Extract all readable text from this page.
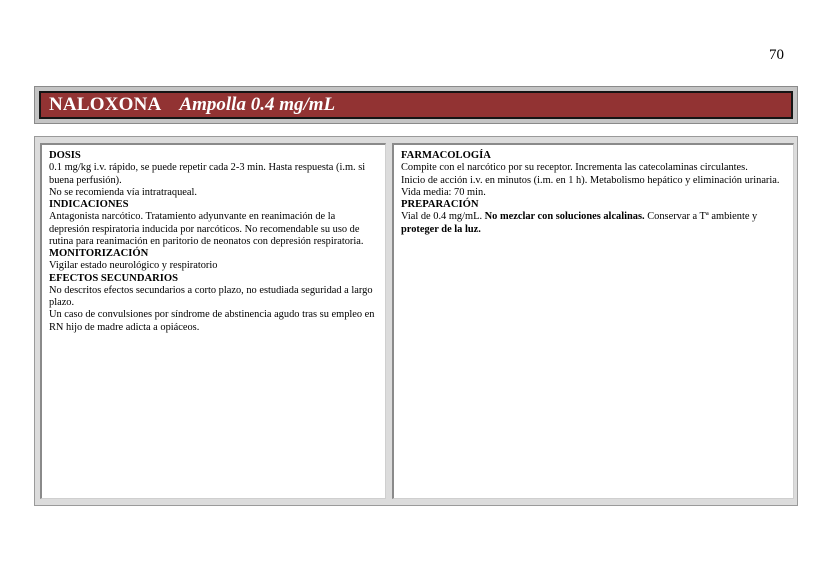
70
NALOXONA Ampolla 0.4 mg/mL
DOSIS

0.1 mg/kg i.v. rápido, se puede repetir cada 2-3 min. Hasta respuesta (i.m. si buena perfusión).

No se recomienda vía intratraqueal.

INDICACIONES

Antagonista narcótico. Tratamiento adyunvante en reanimación de la depresión respiratoria inducida por narcóticos. No recomendable su uso de rutina para reanimación en paritorio de neonatos con depresión respiratoria.

MONITORIZACIÓN

Vigilar estado neurológico y respiratorio

EFECTOS SECUNDARIOS

No descritos efectos secundarios a corto plazo, no estudiada seguridad a largo plazo.

Un caso de convulsiones por síndrome de abstinencia agudo tras su empleo en RN hijo de madre adicta a opiáceos.

FARMACOLOGÍA

Compite con el narcótico por su receptor. Incrementa las catecolaminas circulantes.

Inicio de acción i.v. en minutos (i.m. en 1 h). Metabolismo hepático y eliminación urinaria.

Vida media: 70 min.

PREPARACIÓN

Vial de 0.4 mg/mL. No mezclar con soluciones alcalinas. Conservar a Tª ambiente y proteger de la luz.
